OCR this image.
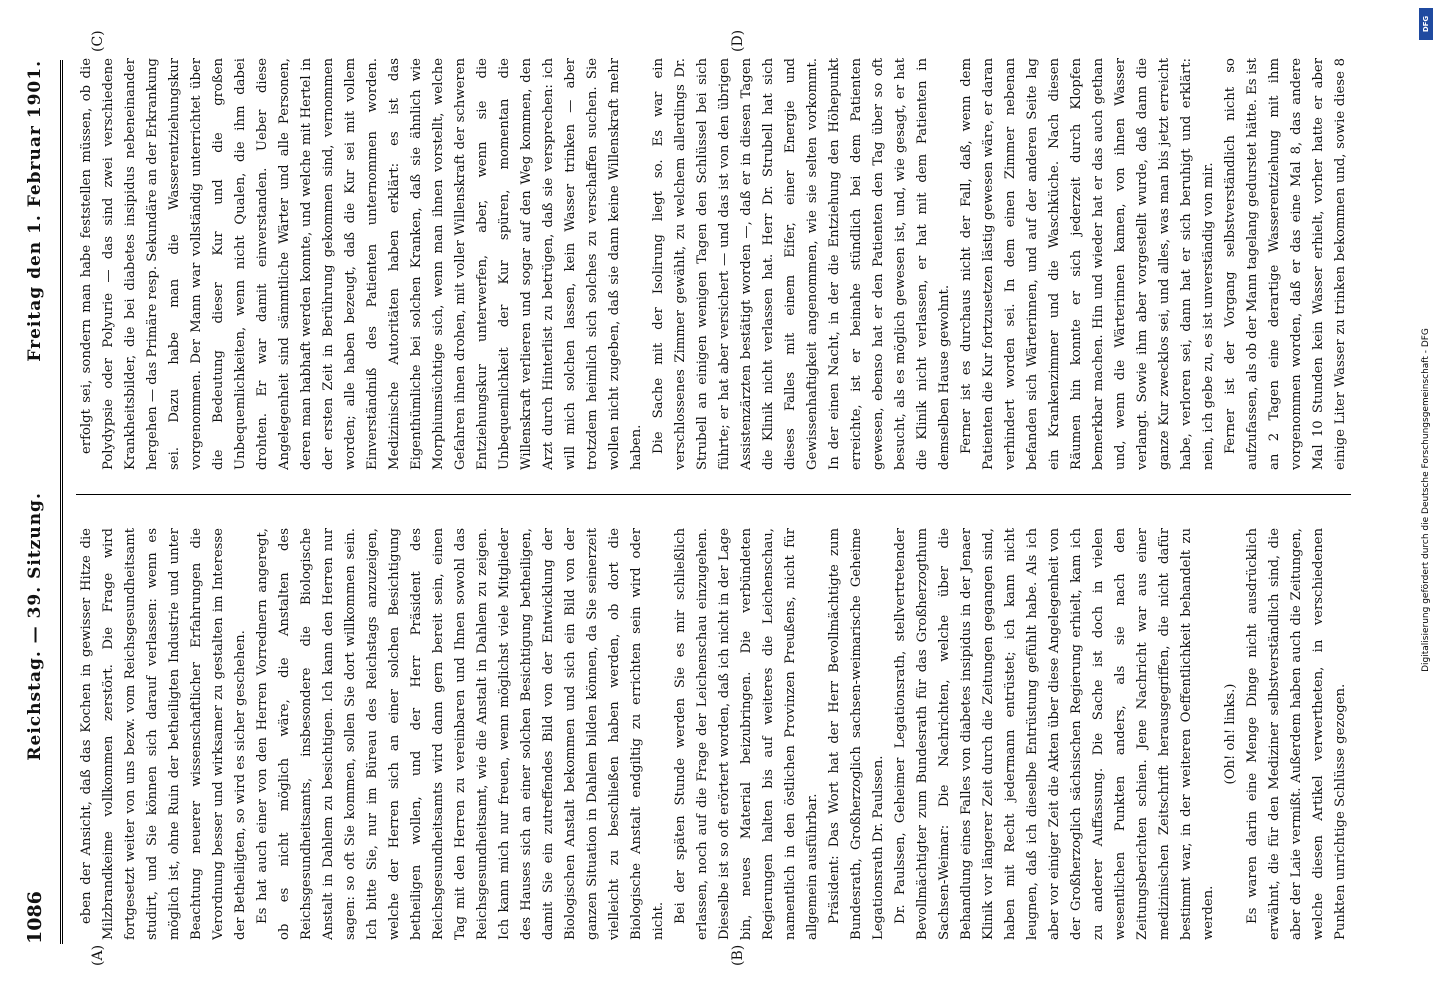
1086
Reichstag. — 39. Sitzung.
Freitag den 1. Februar 1901.
(A)	(B)
(C)	(D)

eben der Ansicht, daß das Kochen in gewisser Hitze die Milzbrandkeime vollkommen zerstört. Die Frage wird fortgesetzt weiter von uns bezw. vom Reichsgesundheitsamt studirt, und Sie können sich darauf verlassen: wenn es möglich ist, ohne Ruin der betheiligten Industrie und unter Beachtung neuerer wissenschaftlicher Erfahrungen die Verordnung besser und wirksamer zu gestalten im Interesse der Betheiligten, so wird es sicher geschehen. Es hat auch einer von den Herren Vorrednern angeregt, ob es nicht möglich wäre, die Anstalten des Reichsgesundheitsamts, insbesondere die Biologische Anstalt in Dahlem zu besichtigen. Ich kann den Herren nur sagen: so oft Sie kommen, sollen Sie dort willkommen sein. Ich bitte Sie, nur im Büreau des Reichstags anzuzeigen, welche der Herren sich an einer solchen Besichtigung betheiligen wollen, und der Herr Präsident des Reichsgesundheitsamts wird dann gern bereit sein, einen Tag mit den Herren zu vereinbaren und Ihnen sowohl das Reichsgesundheitsamt, wie die Anstalt in Dahlem zu zeigen. Ich kann mich nur freuen, wenn möglichst viele Mitglieder des Hauses sich an einer solchen Besichtigung betheiligen, damit Sie ein zutreffendes Bild von der Entwicklung der Biologischen Anstalt bekommen und sich ein Bild von der ganzen Situation in Dahlem bilden können, da Sie seinerzeit vielleicht zu beschließen haben werden, ob dort die Biologische Anstalt endgiltig zu errichten sein wird oder nicht. Bei der späten Stunde werden Sie es mir schließlich erlassen, noch auf die Frage der Leichenschau einzugehen. Dieselbe ist so oft erörtert worden, daß ich nicht in der Lage bin, neues Material beizubringen. Die verbündeten Regierungen halten bis auf weiteres die Leichenschau, namentlich in den östlichen Provinzen Preußens, nicht für allgemein ausführbar. Präsident: Das Wort hat der Herr Bevollmächtigte zum Bundesrath, Großherzoglich sachsen-weimarische Geheime Legationsrath Dr. Paulssen. Dr. Paulssen, Geheimer Legationsrath, stellvertretender Bevollmächtigter zum Bundesrath für das Großherzogthum Sachsen-Weimar: Die Nachrichten, welche über die Behandlung eines Falles von diabetes insipidus in der Jenaer Klinik vor längerer Zeit durch die Zeitungen gegangen sind, haben mit Recht jedermann entrüstet; ich kann nicht leugnen, daß ich dieselbe Entrüstung gefühlt habe. Als ich aber vor einiger Zeit die Akten über diese Angelegenheit von der Großherzoglich sächsischen Regierung erhielt, kam ich zu anderer Auffassung. Die Sache ist doch in vielen wesentlichen Punkten anders, als sie nach den Zeitungsberichten schien. Jene Nachricht war aus einer medizinischen Zeitschrift herausgegriffen, die nicht dafür bestimmt war, in der weiteren Oeffentlichkeit behandelt zu werden.

(Oh! oh! links.) Es waren darin eine Menge Dinge nicht ausdrücklich erwähnt, die für den Mediziner selbstverständlich sind, die aber der Laie vermißt. Außerdem haben auch die Zeitungen, welche diesen Artikel verwertheten, in verschiedenen Punkten unrichtige Schlüsse gezogen.

erfolgt sei, sondern man habe feststellen müssen, ob die Polydypsie oder Polyurie — das sind zwei verschiedene Krankheitsbilder, die bei diabetes insipidus nebeneinander hergehen — das Primäre resp. Sekundäre an der Erkrankung sei. Dazu habe man die Wasserentziehungskur vorgenommen. Der Mann war vollständig unterrichtet über die Bedeutung dieser Kur und die großen Unbequemlichkeiten, wenn nicht Qualen, die ihm dabei drohten. Er war damit einverstanden. Ueber diese Angelegenheit sind sämmtliche Wärter und alle Personen, deren man habhaft werden konnte, und welche mit Hertel in der ersten Zeit in Berührung gekommen sind, vernommen worden; alle haben bezeugt, daß die Kur sei mit vollem Einverständniß des Patienten unternommen worden. Medizinische Autoritäten haben erklärt: es ist das Eigenthümliche bei solchen Kranken, daß sie ähnlich wie Morphiumsüchtige sich, wenn man ihnen vorstellt, welche Gefahren ihnen drohen, mit voller Willenskraft der schweren Entziehungskur unterwerfen, aber, wenn sie die Unbequemlichkeit der Kur spüren, momentan die Willenskraft verlieren und sogar auf den Weg kommen, den Arzt durch Hinterlist zu betrügen, daß sie versprechen: ich will mich solchen lassen, kein Wasser trinken — aber trotzdem heimlich sich solches zu verschaffen suchen. Sie wollen nicht zugeben, daß sie dann keine Willenskraft mehr haben. Die Sache mit der Isolirung liegt so. Es war ein verschlossenes Zimmer gewählt, zu welchem allerdings Dr. Strubell an einigen wenigen Tagen den Schlüssel bei sich führte; er hat aber versichert — und das ist von den übrigen Assistenzärzten bestätigt worden —, daß er in diesen Tagen die Klinik nicht verlassen hat. Herr Dr. Strubell hat sich dieses Falles mit einem Eifer, einer Energie und Gewissenhaftigkeit angenommen, wie sie selten vorkommt. In der einen Nacht, in der die Entziehung den Höhepunkt erreichte, ist er beinahe stündlich bei dem Patienten gewesen, ebenso hat er den Patienten den Tag über so oft besucht, als es möglich gewesen ist, und, wie gesagt, er hat die Klinik nicht verlassen, er hat mit dem Patienten in demselben Hause gewohnt. Ferner ist es durchaus nicht der Fall, daß, wenn dem Patienten die Kur fortzusetzen lästig gewesen wäre, er daran verhindert worden sei. In dem einen Zimmer nebenan befanden sich Wärterinnen, und auf der anderen Seite lag ein Krankenzimmer und die Waschküche. Nach diesen Räumen hin konnte er sich jederzeit durch Klopfen bemerkbar machen. Hin und wieder hat er das auch gethan und, wenn die Wärterinnen kamen, von ihnen Wasser verlangt. Sowie ihm aber vorgestellt wurde, daß dann die ganze Kur zwecklos sei, und alles, was man bis jetzt erreicht habe, verloren sei, dann hat er sich beruhigt und erklärt: nein, ich gebe zu, es ist unverständig von mir. Ferner ist der Vorgang selbstverständlich nicht so aufzufassen, als ob der Mann tagelang gedurstet hätte. Es ist an 2 Tagen eine derartige Wasserentziehung mit ihm vorgenommen worden, daß er das eine Mal 8, das andere Mal 10 Stunden kein Wasser erhielt, vorher hatte er aber einige Liter Wasser zu trinken bekommen und, sowie diese 8

DFG
Digitalisierung gefördert durch die Deutsche Forschungsgemeinschaft - DFG
